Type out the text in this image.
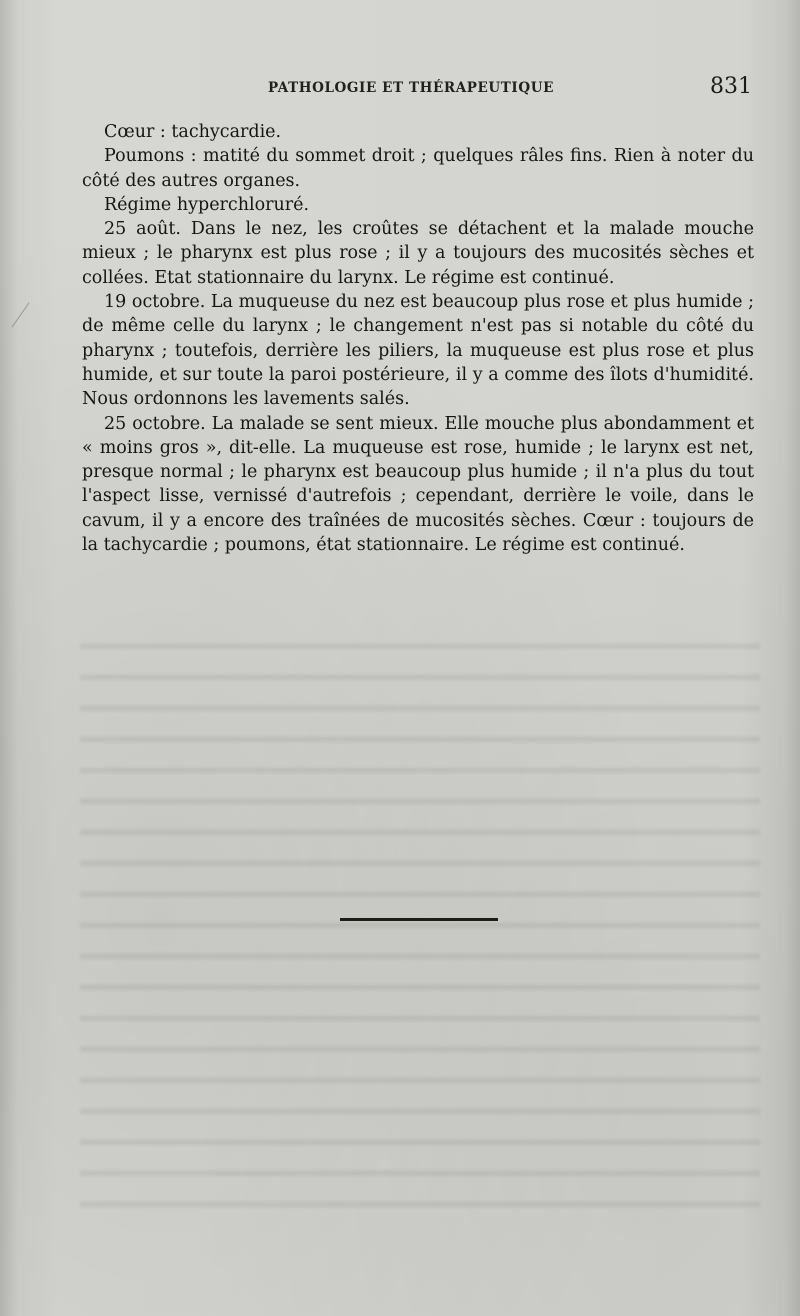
PATHOLOGIE ET THÉRAPEUTIQUE	831

Cœur : tachycardie.

Poumons : matité du sommet droit ; quelques râles fins. Rien à noter du côté des autres organes.

Régime hyperchloruré.

25 août. Dans le nez, les croûtes se détachent et la malade mouche mieux ; le pharynx est plus rose ; il y a toujours des mucosités sèches et collées. Etat stationnaire du larynx. Le régime est continué.

19 octobre. La muqueuse du nez est beaucoup plus rose et plus humide ; de même celle du larynx ; le changement n'est pas si notable du côté du pharynx ; toutefois, derrière les piliers, la muqueuse est plus rose et plus humide, et sur toute la paroi postérieure, il y a comme des îlots d'humidité. Nous ordonnons les lavements salés.

25 octobre. La malade se sent mieux. Elle mouche plus abondamment et « moins gros », dit-elle. La muqueuse est rose, humide ; le larynx est net, presque normal ; le pharynx est beaucoup plus humide ; il n'a plus du tout l'aspect lisse, vernissé d'autrefois ; cependant, derrière le voile, dans le cavum, il y a encore des traînées de mucosités sèches. Cœur : toujours de la tachycardie ; poumons, état stationnaire. Le régime est continué.
